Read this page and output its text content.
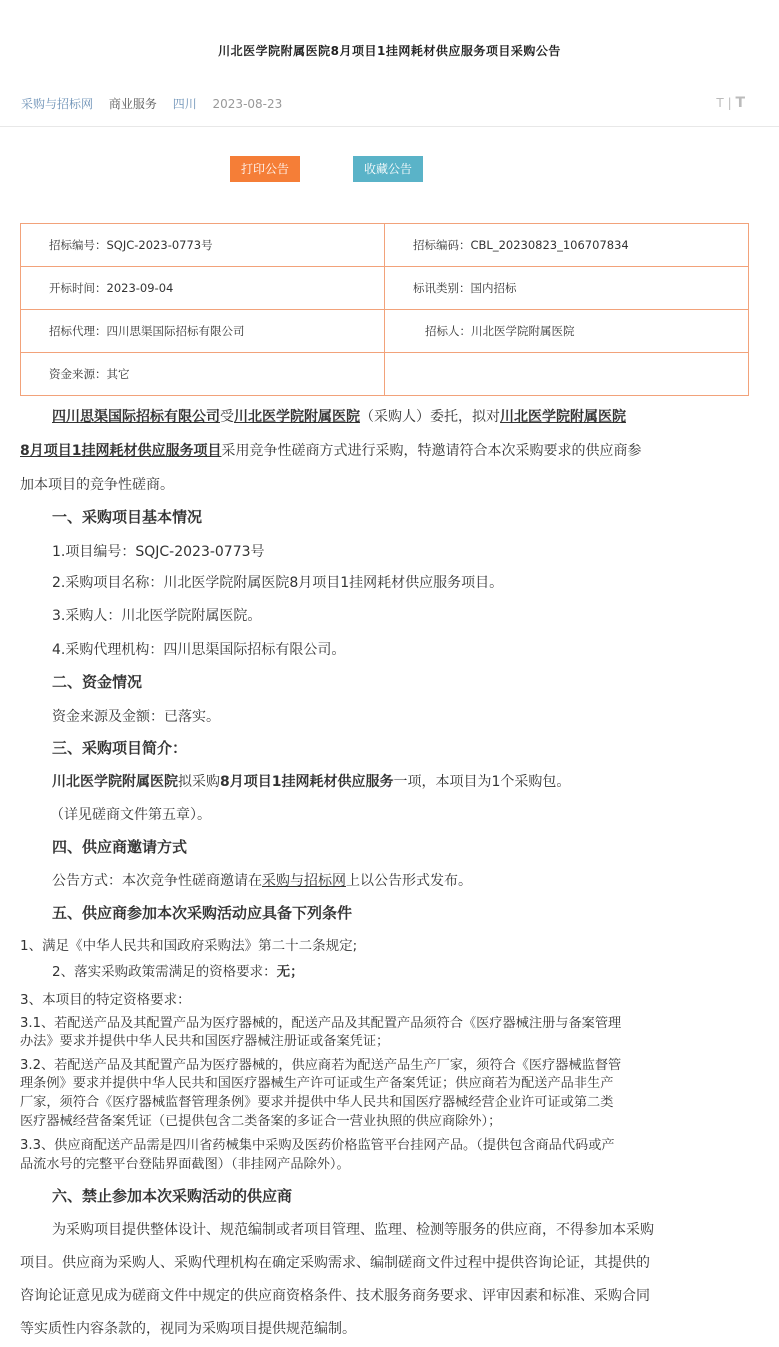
川北医学院附属医院8月项目1挂网耗材供应服务项目采购公告
采购与招标网 商业服务 四川 2023-08-23	T | T
打印公告	收藏公告
招标编号：SQJC-2023-0773号	招标编码：CBL_20230823_106707834
开标时间：2023-09-04	标讯类别：国内招标
招标代理：四川思渠国际招标有限公司	招标人：川北医学院附属医院
资金来源：其它	
四川思渠国际招标有限公司受川北医学院附属医院（采购人）委托，拟对川北医学院附属医院
8月项目1挂网耗材供应服务项目采用竞争性磋商方式进行采购，特邀请符合本次采购要求的供应商参
加本项目的竞争性磋商。
一、采购项目基本情况
1.项目编号：SQJC-2023-0773号
2.采购项目名称：川北医学院附属医院8月项目1挂网耗材供应服务项目。
3.采购人：川北医学院附属医院。
4.采购代理机构：四川思渠国际招标有限公司。
二、资金情况
资金来源及金额：已落实。
三、采购项目简介：
川北医学院附属医院拟采购8月项目1挂网耗材供应服务一项，本项目为1个采购包。
（详见磋商文件第五章）。
四、供应商邀请方式
公告方式：本次竞争性磋商邀请在采购与招标网上以公告形式发布。
五、供应商参加本次采购活动应具备下列条件
1、满足《中华人民共和国政府采购法》第二十二条规定;
2、落实采购政策需满足的资格要求：无；
3、本项目的特定资格要求：
3.1、若配送产品及其配置产品为医疗器械的，配送产品及其配置产品须符合《医疗器械注册与备案管理
办法》要求并提供中华人民共和国医疗器械注册证或备案凭证；
3.2、若配送产品及其配置产品为医疗器械的，供应商若为配送产品生产厂家，须符合《医疗器械监督管
理条例》要求并提供中华人民共和国医疗器械生产许可证或生产备案凭证；供应商若为配送产品非生产
厂家，须符合《医疗器械监督管理条例》要求并提供中华人民共和国医疗器械经营企业许可证或第二类
医疗器械经营备案凭证（已提供包含二类备案的多证合一营业执照的供应商除外）；
3.3、供应商配送产品需是四川省药械集中采购及医药价格监管平台挂网产品。（提供包含商品代码或产
品流水号的完整平台登陆界面截图）（非挂网产品除外）。
六、禁止参加本次采购活动的供应商
为采购项目提供整体设计、规范编制或者项目管理、监理、检测等服务的供应商，不得参加本采购
项目。供应商为采购人、采购代理机构在确定采购需求、编制磋商文件过程中提供咨询论证，其提供的
咨询论证意见成为磋商文件中规定的供应商资格条件、技术服务商务要求、评审因素和标准、采购合同
等实质性内容条款的，视同为采购项目提供规范编制。
